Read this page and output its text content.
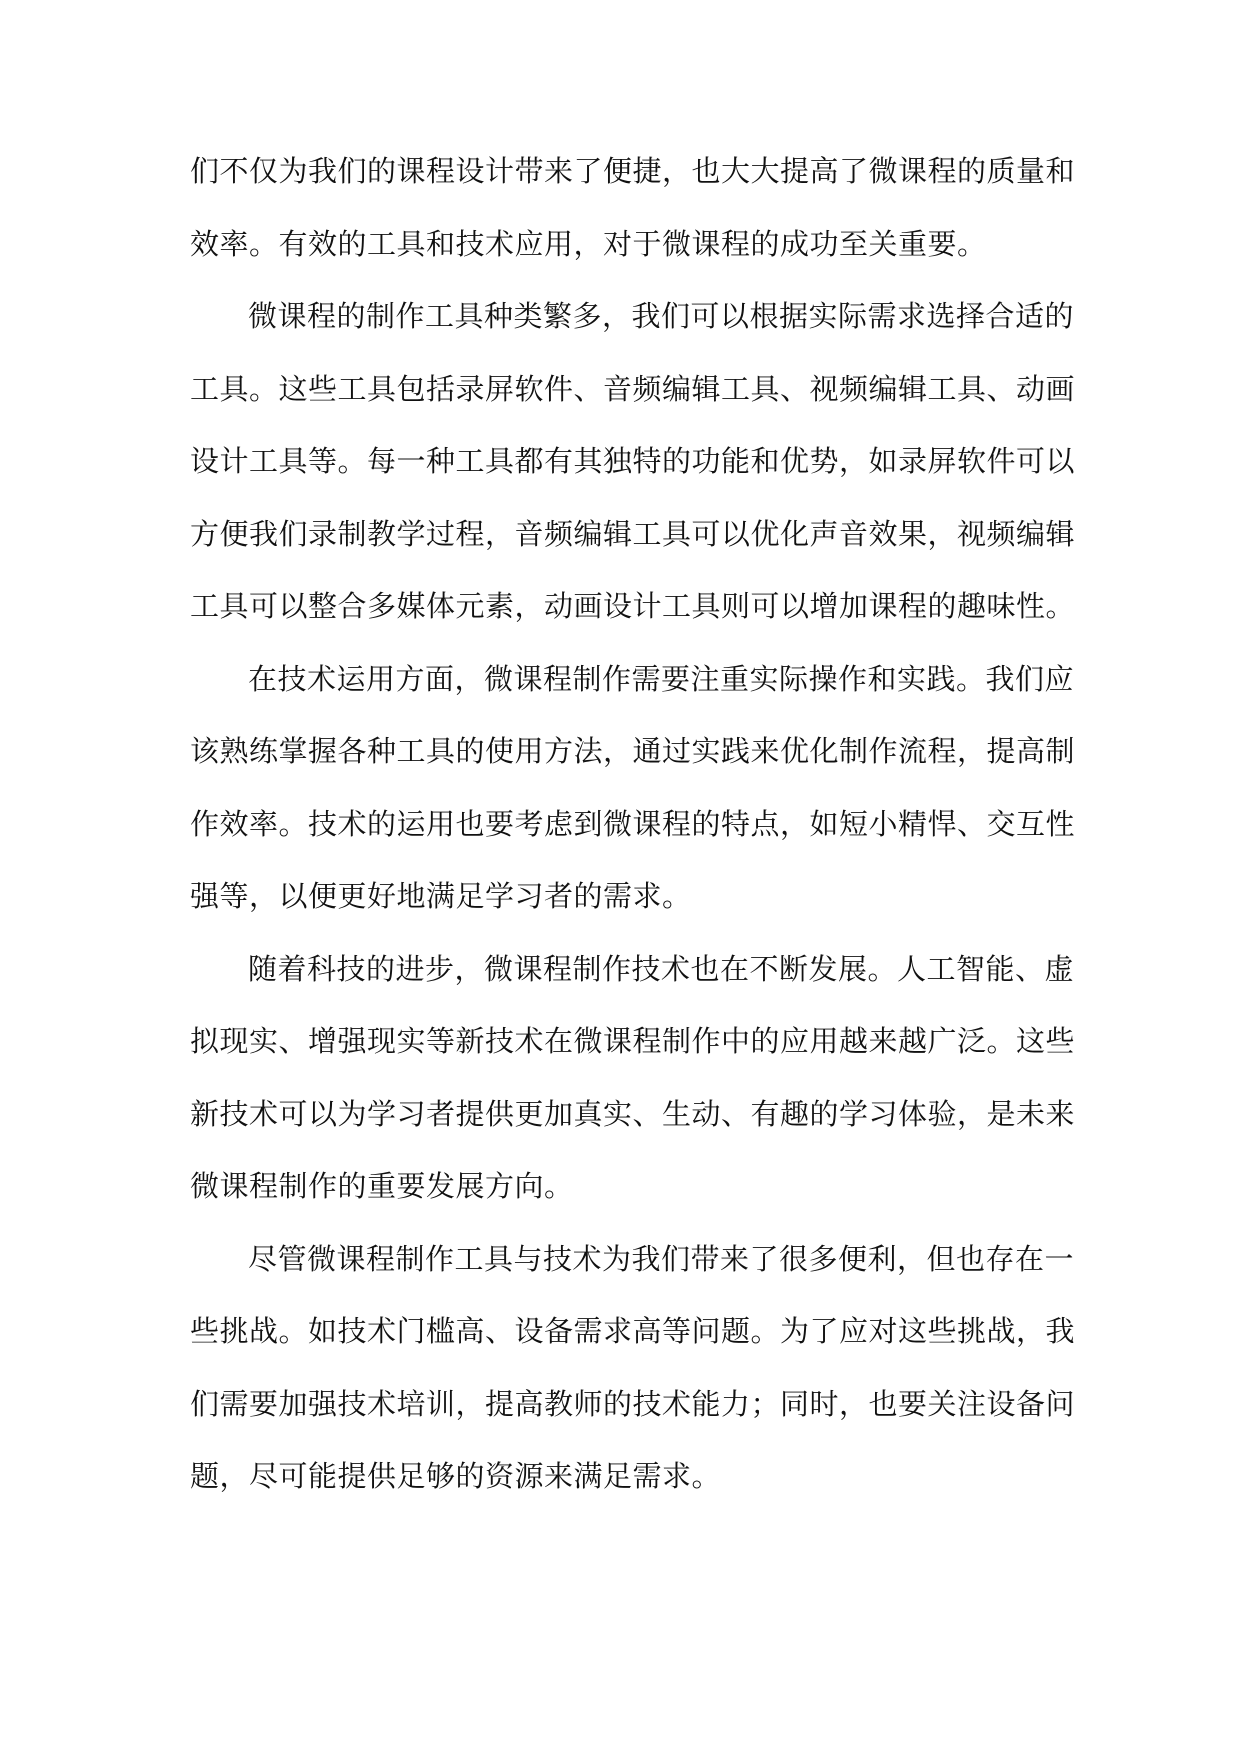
们不仅为我们的课程设计带来了便捷，也大大提高了微课程的质量和
效率。有效的工具和技术应用，对于微课程的成功至关重要。

微课程的制作工具种类繁多，我们可以根据实际需求选择合适的
工具。这些工具包括录屏软件、音频编辑工具、视频编辑工具、动画
设计工具等。每一种工具都有其独特的功能和优势，如录屏软件可以
方便我们录制教学过程，音频编辑工具可以优化声音效果，视频编辑
工具可以整合多媒体元素，动画设计工具则可以增加课程的趣味性。

在技术运用方面，微课程制作需要注重实际操作和实践。我们应
该熟练掌握各种工具的使用方法，通过实践来优化制作流程，提高制
作效率。技术的运用也要考虑到微课程的特点，如短小精悍、交互性
强等，以便更好地满足学习者的需求。

随着科技的进步，微课程制作技术也在不断发展。人工智能、虚
拟现实、增强现实等新技术在微课程制作中的应用越来越广泛。这些
新技术可以为学习者提供更加真实、生动、有趣的学习体验，是未来
微课程制作的重要发展方向。

尽管微课程制作工具与技术为我们带来了很多便利，但也存在一
些挑战。如技术门槛高、设备需求高等问题。为了应对这些挑战，我
们需要加强技术培训，提高教师的技术能力；同时，也要关注设备问
题，尽可能提供足够的资源来满足需求。
